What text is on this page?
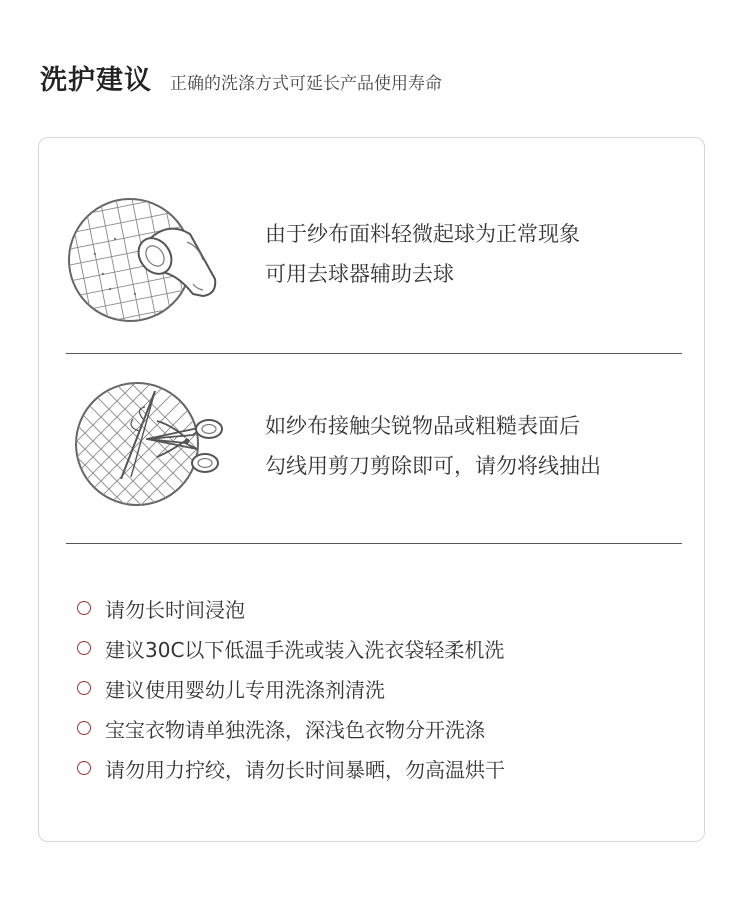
洗护建议 正确的洗涤方式可延长产品使用寿命
由于纱布面料轻微起球为正常现象
可用去球器辅助去球
如纱布接触尖锐物品或粗糙表面后
勾线用剪刀剪除即可，请勿将线抽出
请勿长时间浸泡
建议30C以下低温手洗或装入洗衣袋轻柔机洗
建议使用婴幼儿专用洗涤剂清洗
宝宝衣物请单独洗涤，深浅色衣物分开洗涤
请勿用力拧绞，请勿长时间暴晒，勿高温烘干
